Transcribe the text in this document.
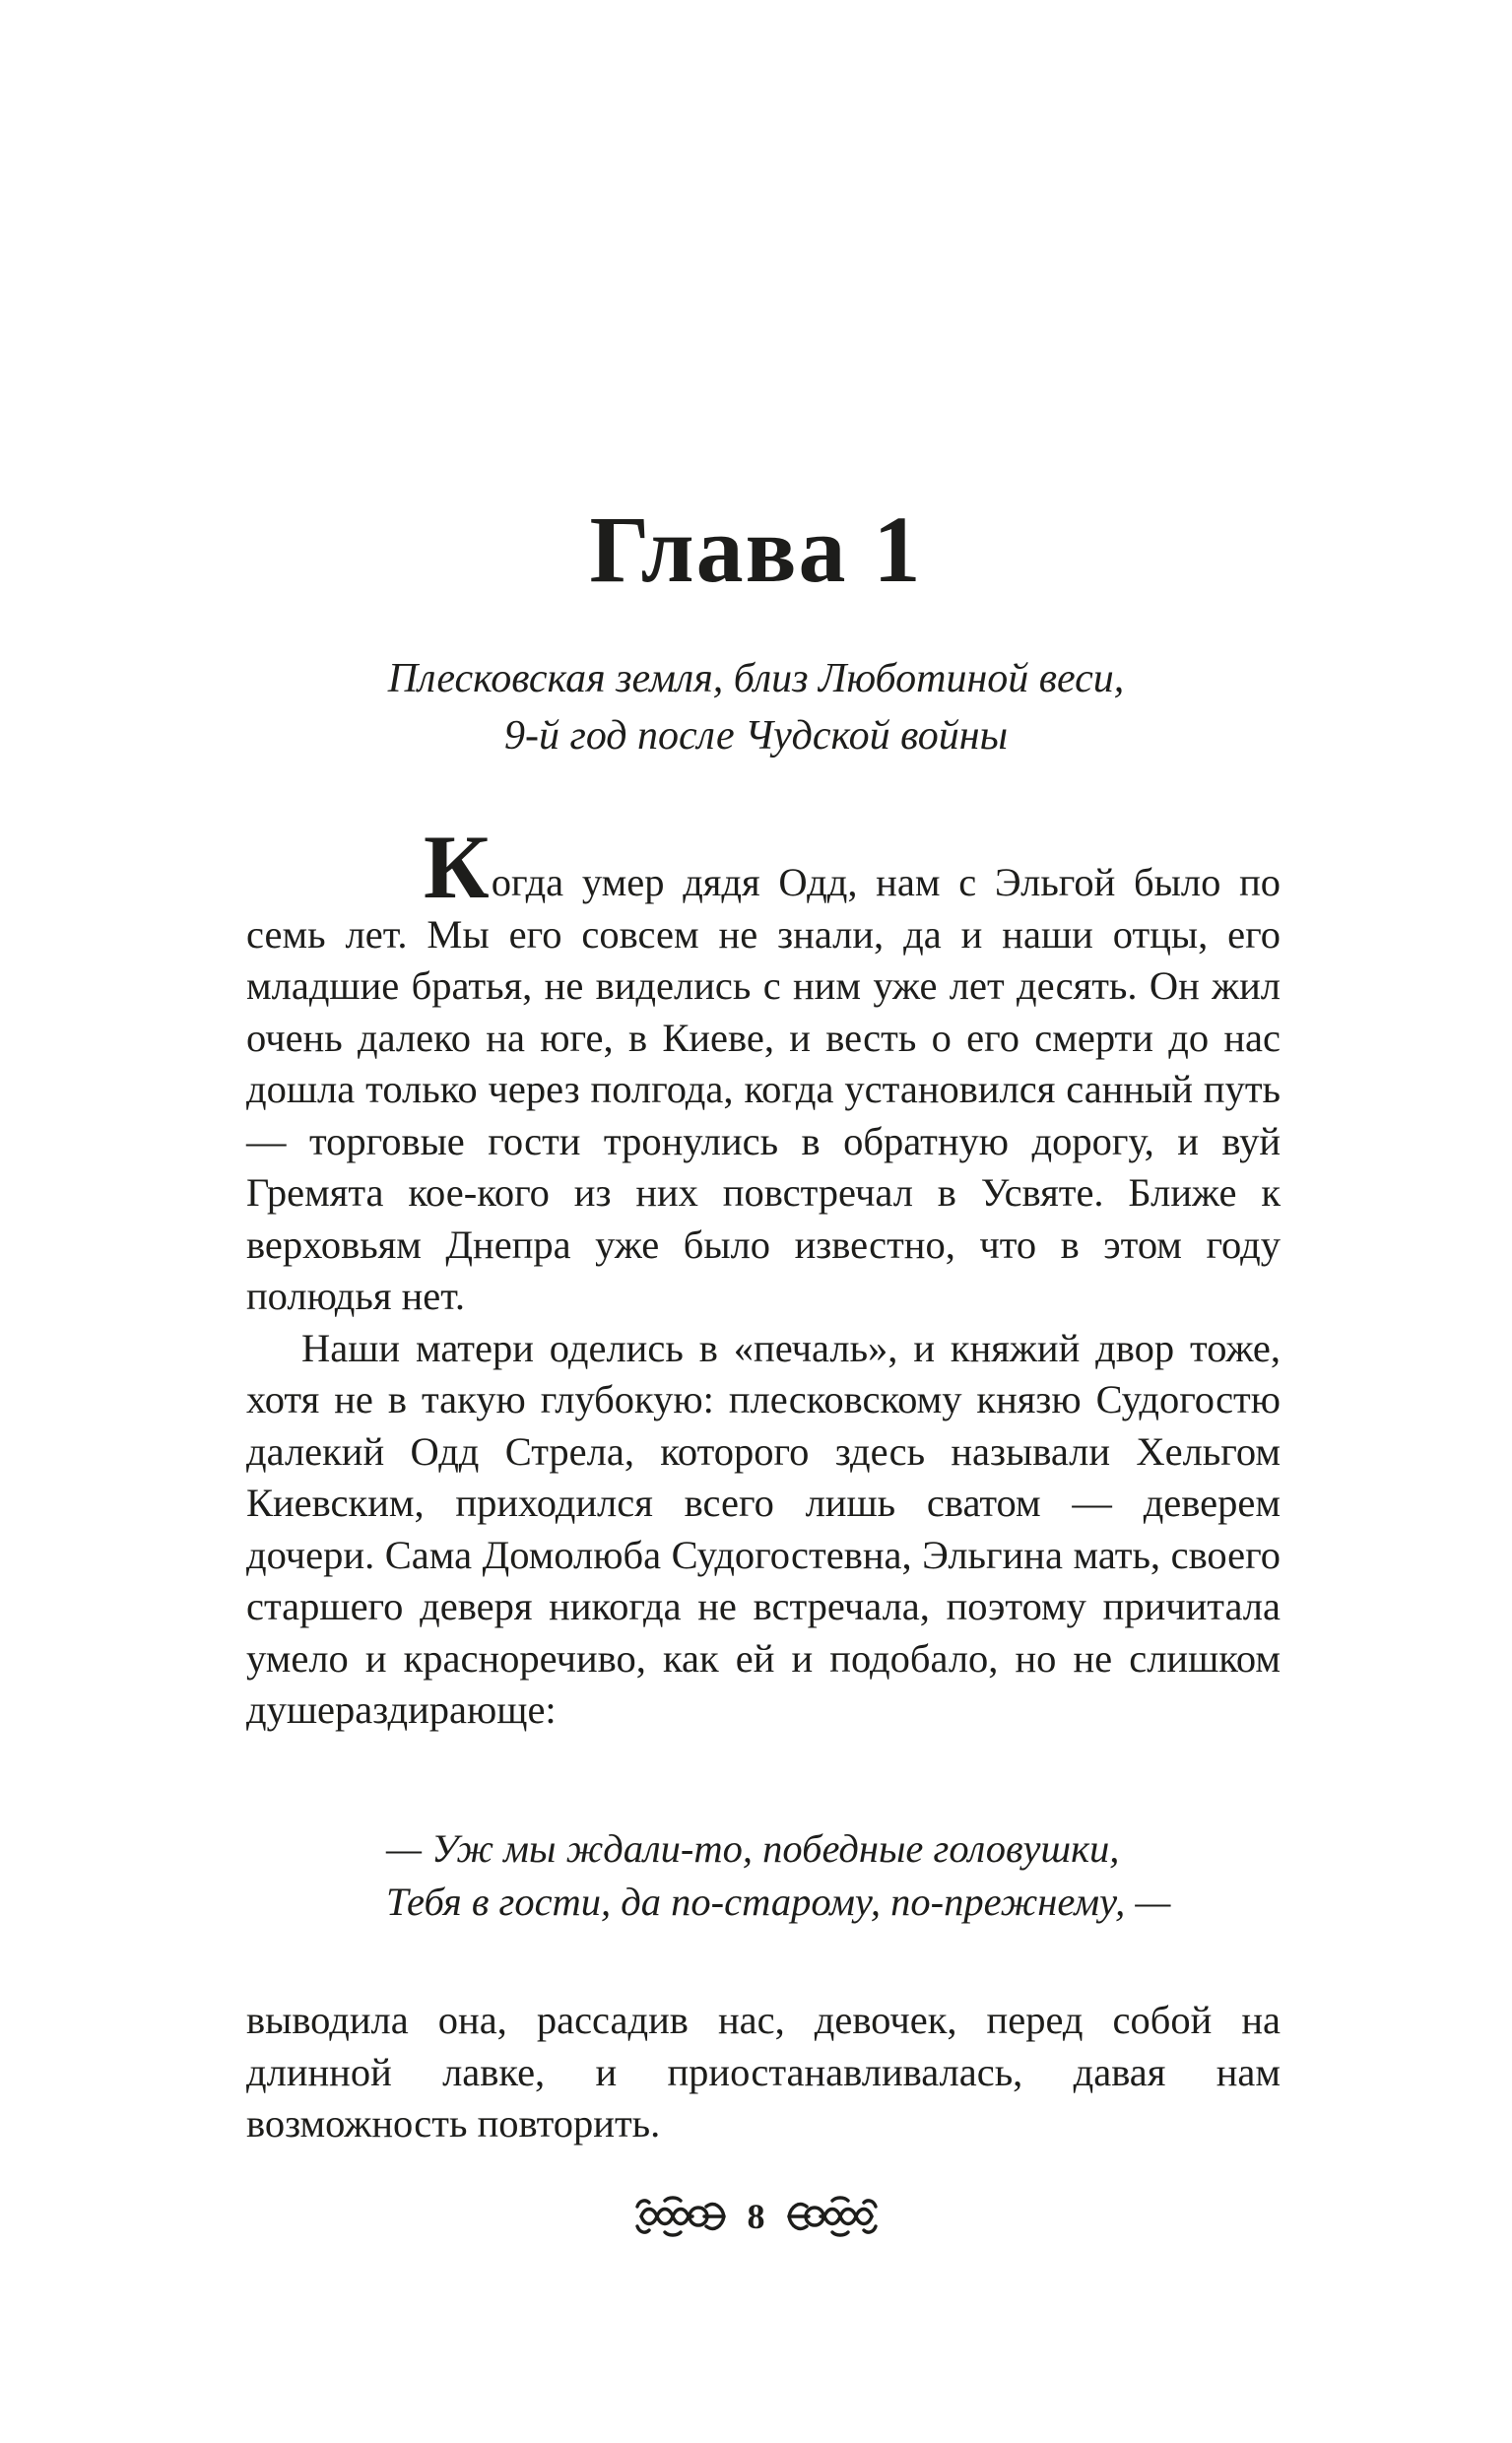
Глава 1
Плесковская земля, близ Люботиной веси,
9-й год после Чудской войны

Когда умер дядя Одд, нам с Эльгой было по семь лет. Мы его совсем не знали, да и наши отцы, его младшие братья, не виделись с ним уже лет десять. Он жил очень далеко на юге, в Киеве, и весть о его смерти до нас дошла только через полгода, когда установился санный путь — торговые гости тронулись в обратную дорогу, и вуй Гремята кое-кого из них повстречал в Усвяте. Ближе к верховьям Днепра уже было известно, что в этом году полюдья нет.

Наши матери оделись в «печаль», и княжий двор тоже, хотя не в такую глубокую: плесковскому князю Судогостю далекий Одд Стрела, которого здесь называли Хельгом Киевским, приходился всего лишь сватом — деверем дочери. Сама Домолюба Судогостевна, Эльгина мать, своего старшего деверя никогда не встречала, поэтому причитала умело и красноречиво, как ей и подобало, но не слишком душераздирающе:

— Уж мы ждали-то, победные головушки,
Тебя в гости, да по-старому, по-прежнему, —

выводила она, рассадив нас, девочек, перед собой на длинной лавке, и приостанавливалась, давая нам возможность повторить.

8
